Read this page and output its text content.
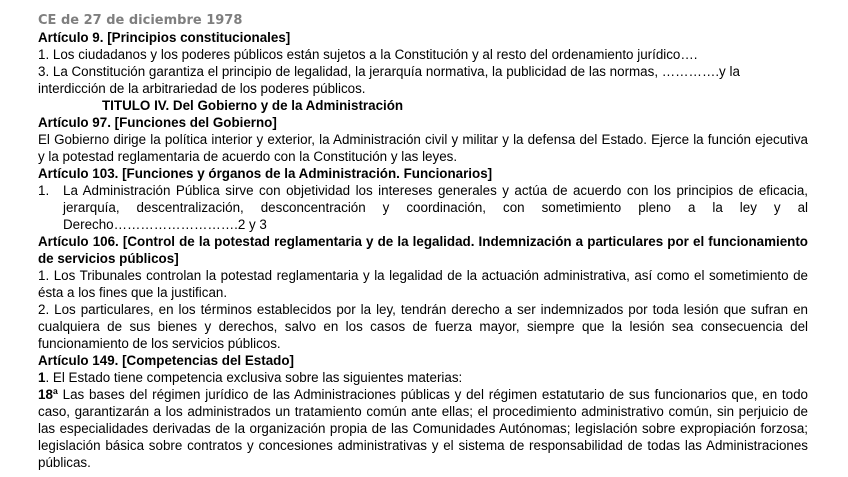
CE de 27 de diciembre 1978

Artículo 9. [Principios constitucionales]

1. Los ciudadanos y los poderes públicos están sujetos a la Constitución y al resto del ordenamiento jurídico….

3. La Constitución garantiza el principio de legalidad, la jerarquía normativa, la publicidad de las normas, ………….y la interdicción de la arbitrariedad de los poderes públicos.

TITULO IV. Del Gobierno y de la Administración

Artículo 97. [Funciones del Gobierno]

El Gobierno dirige la política interior y exterior, la Administración civil y militar y la defensa del Estado. Ejerce la función ejecutiva y la potestad reglamentaria de acuerdo con la Constitución y las leyes.

Artículo 103. [Funciones y órganos de la Administración. Funcionarios]

1.	La Administración Pública sirve con objetividad los intereses generales y actúa de acuerdo con los principios de eficacia, jerarquía, descentralización, desconcentración y coordinación, con sometimiento pleno a la ley y al Derecho……………………….2 y 3

Artículo 106. [Control de la potestad reglamentaria y de la legalidad. Indemnización a particulares por el funcionamiento de servicios públicos]

1. Los Tribunales controlan la potestad reglamentaria y la legalidad de la actuación administrativa, así como el sometimiento de ésta a los fines que la justifican.

2. Los particulares, en los términos establecidos por la ley, tendrán derecho a ser indemnizados por toda lesión que sufran en cualquiera de sus bienes y derechos, salvo en los casos de fuerza mayor, siempre que la lesión sea consecuencia del funcionamiento de los servicios públicos.

Artículo 149. [Competencias del Estado]

1. El Estado tiene competencia exclusiva sobre las siguientes materias:

18ª Las bases del régimen jurídico de las Administraciones públicas y del régimen estatutario de sus funcionarios que, en todo caso, garantizarán a los administrados un tratamiento común ante ellas; el procedimiento administrativo común, sin perjuicio de las especialidades derivadas de la organización propia de las Comunidades Autónomas; legislación sobre expropiación forzosa; legislación básica sobre contratos y concesiones administrativas y el sistema de responsabilidad de todas las Administraciones públicas.
